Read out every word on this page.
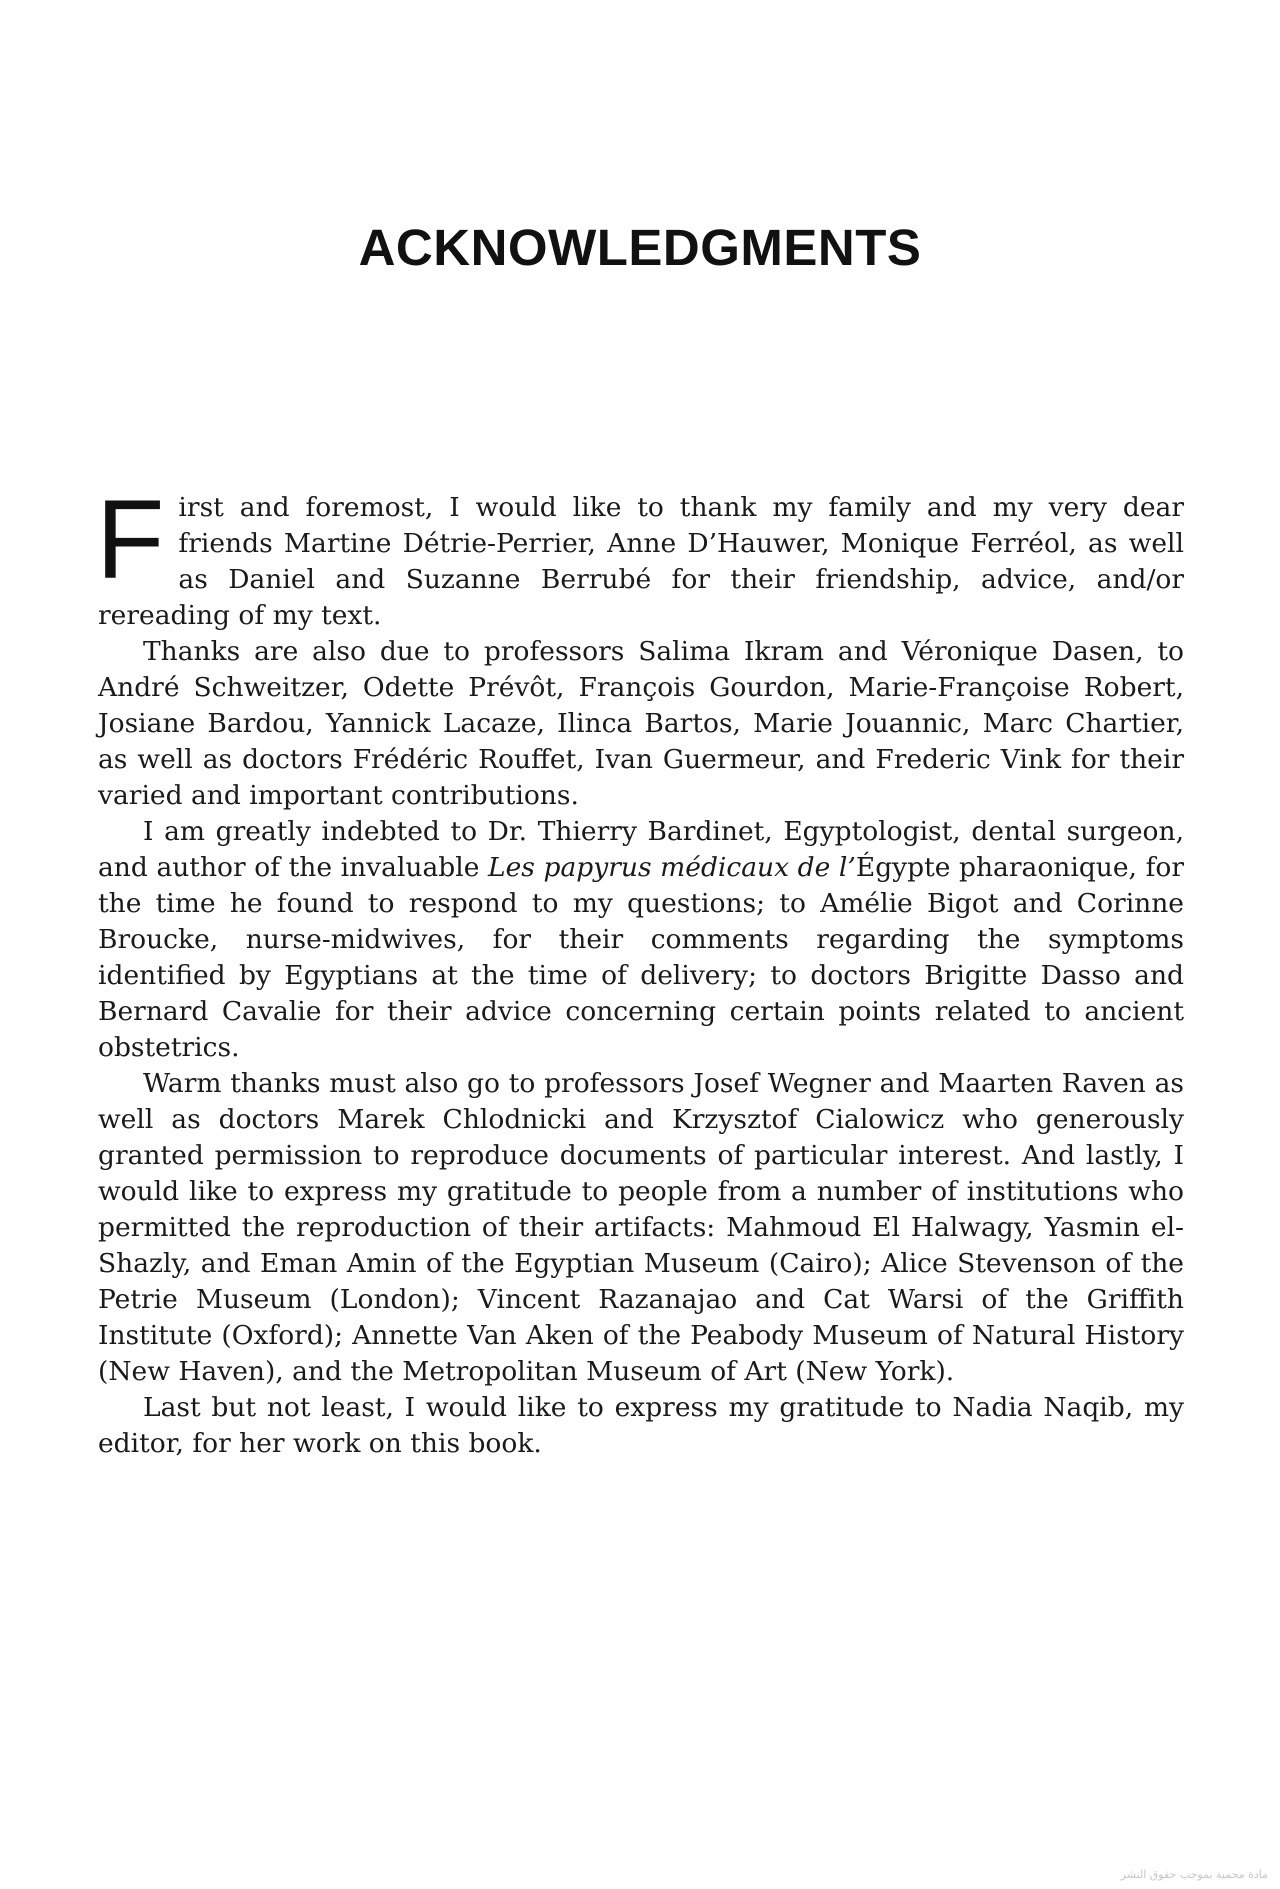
ACKNOWLEDGMENTS

First and foremost, I would like to thank my family and my very dear friends Martine Détrie-Perrier, Anne D’Hauwer, Monique Ferréol, as well as Daniel and Suzanne Berrubé for their friendship, advice, and/or rereading of my text.

Thanks are also due to professors Salima Ikram and Véronique Dasen, to André Schweitzer, Odette Prévôt, François Gourdon, Marie-Françoise Robert, Josiane Bardou, Yannick Lacaze, Ilinca Bartos, Marie Jouannic, Marc Chartier, as well as doctors Frédéric Rouffet, Ivan Guermeur, and Frederic Vink for their varied and important contributions.

I am greatly indebted to Dr. Thierry Bardinet, Egyptologist, dental surgeon, and author of the invaluable Les papyrus médicaux de l’Égypte pharaonique, for the time he found to respond to my questions; to Amélie Bigot and Corinne Broucke, nurse-midwives, for their comments regarding the symptoms identified by Egyptians at the time of delivery; to doctors Brigitte Dasso and Bernard Cavalie for their advice concerning certain points related to ancient obstetrics.

Warm thanks must also go to professors Josef Wegner and Maarten Raven as well as doctors Marek Chlodnicki and Krzysztof Cialowicz who generously granted permission to reproduce documents of particular interest. And lastly, I would like to express my gratitude to people from a number of institutions who permitted the reproduction of their artifacts: Mahmoud El Halwagy, Yasmin el-Shazly, and Eman Amin of the Egyptian Museum (Cairo); Alice Stevenson of the Petrie Museum (London); Vincent Razanajao and Cat Warsi of the Griffith Institute (Oxford); Annette Van Aken of the Peabody Museum of Natural History (New Haven), and the Metropolitan Museum of Art (New York).

Last but not least, I would like to express my gratitude to Nadia Naqib, my editor, for her work on this book.

مادة محمية بموجب حقوق النشر
